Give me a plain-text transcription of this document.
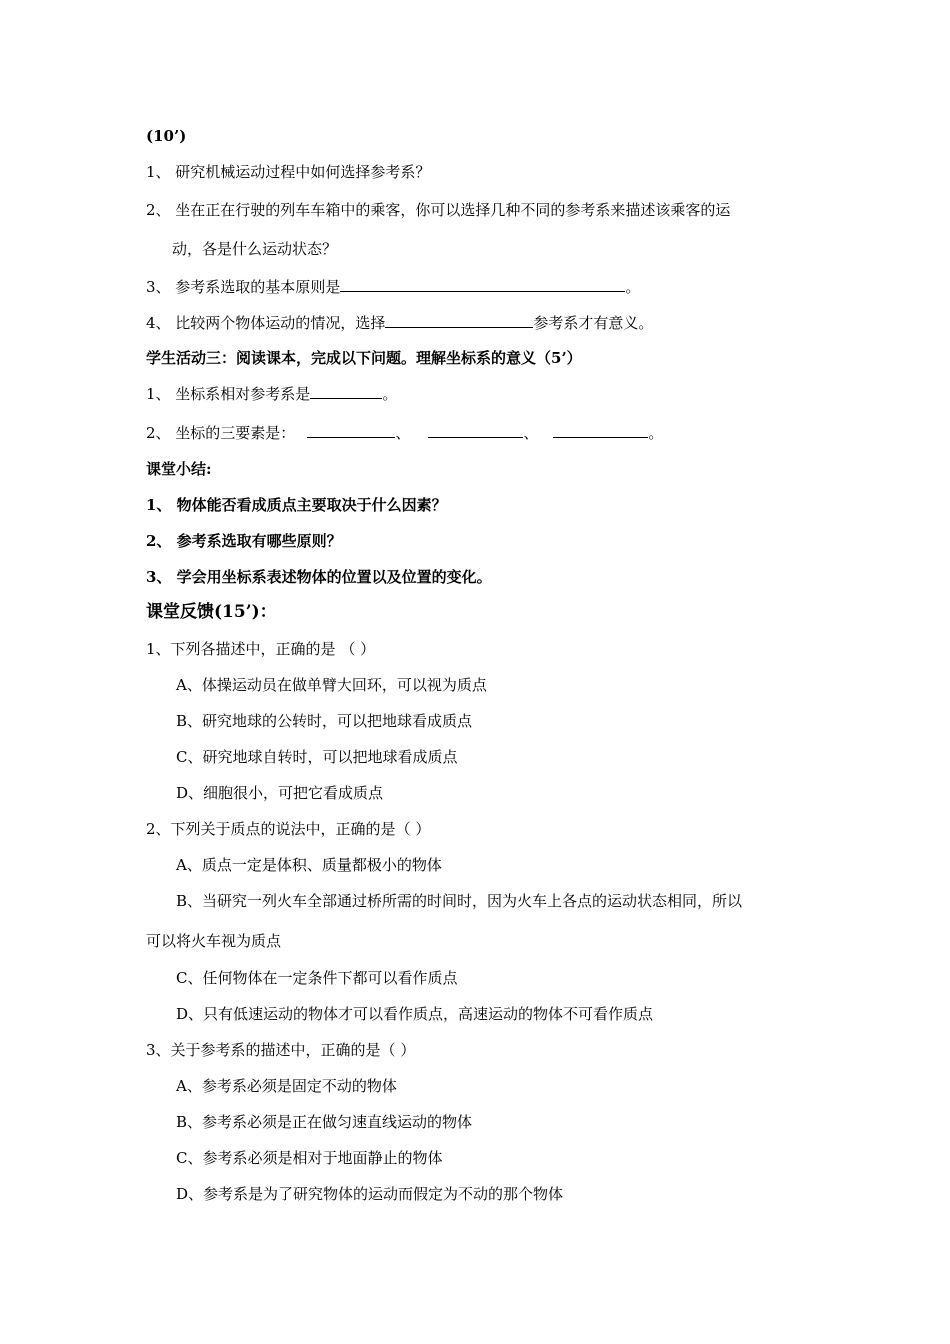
(10’)
1、 研究机械运动过程中如何选择参考系？
2、 坐在正在行驶的列车车箱中的乘客，你可以选择几种不同的参考系来描述该乘客的运
动，各是什么运动状态？
3、 参考系选取的基本原则是	。
4、 比较两个物体运动的情况，选择	参考系才有意义。
学生活动三：阅读课本，完成以下问题。理解坐标系的意义（5’）
1、 坐标系相对参考系是	。
2、 坐标的三要素是：	、	、	。
课堂小结:
1、 物体能否看成质点主要取决于什么因素？
2、 参考系选取有哪些原则？
3、 学会用坐标系表述物体的位置以及位置的变化。
课堂反馈(15’)：
1、下列各描述中，正确的是 （ ）
A、体操运动员在做单臂大回环，可以视为质点
B、研究地球的公转时，可以把地球看成质点
C、研究地球自转时，可以把地球看成质点
D、细胞很小，可把它看成质点
2、下列关于质点的说法中，正确的是（ ）
A、质点一定是体积、质量都极小的物体
B、当研究一列火车全部通过桥所需的时间时，因为火车上各点的运动状态相同，所以
可以将火车视为质点
C、任何物体在一定条件下都可以看作质点
D、只有低速运动的物体才可以看作质点，高速运动的物体不可看作质点
3、关于参考系的描述中，正确的是（ ）
A、参考系必须是固定不动的物体
B、参考系必须是正在做匀速直线运动的物体
C、参考系必须是相对于地面静止的物体
D、参考系是为了研究物体的运动而假定为不动的那个物体
